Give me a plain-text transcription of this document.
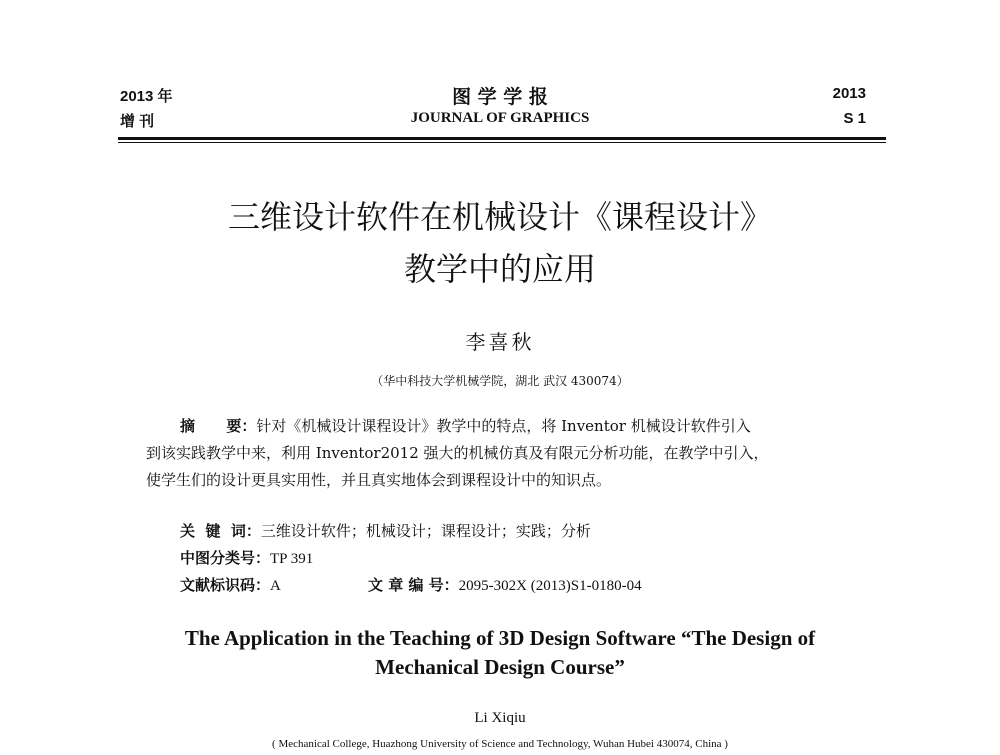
2013 年
增 刊
图 学 学 报
JOURNAL OF GRAPHICS
2013
S 1
三维设计软件在机械设计《课程设计》
教学中的应用
李喜秋
（华中科技大学机械学院，湖北 武汉 430074）
摘      要：针对《机械设计课程设计》教学中的特点，将 Inventor 机械设计软件引入
到该实践教学中来，利用 Inventor2012 强大的机械仿真及有限元分析功能，在教学中引入，
使学生们的设计更具实用性，并且真实地体会到课程设计中的知识点。
关  键  词：三维设计软件；机械设计；课程设计；实践；分析
中图分类号：TP 391
文献标识码：A	文 章 编 号：2095-302X (2013)S1-0180-04
The Application in the Teaching of 3D Design Software “The Design of
Mechanical Design Course”
Li Xiqiu
( Mechanical College, Huazhong University of Science and Technology, Wuhan Hubei 430074, China )
